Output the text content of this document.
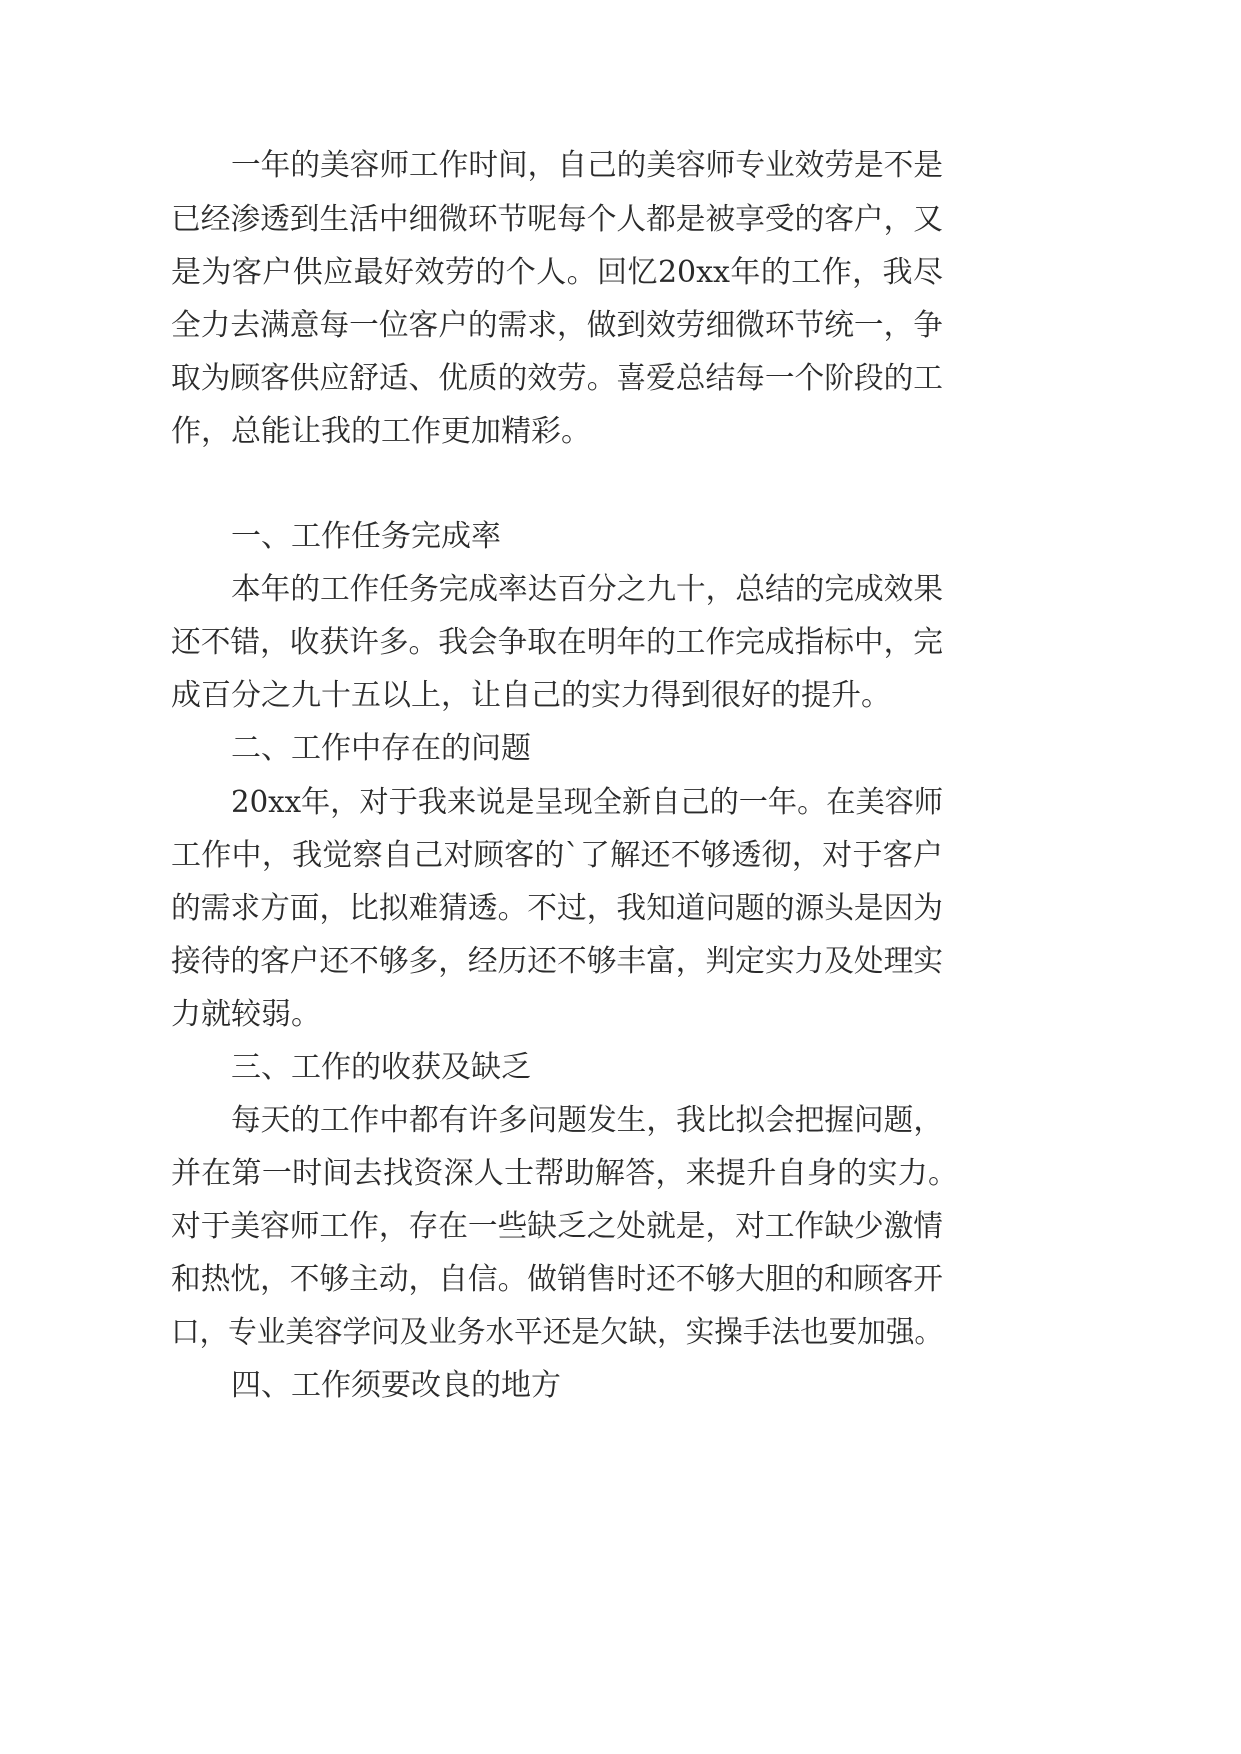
一年的美容师工作时间，自己的美容师专业效劳是不是
已经渗透到生活中细微环节呢每个人都是被享受的客户，又
是为客户供应最好效劳的个人。回忆20xx年的工作，我尽
全力去满意每一位客户的需求，做到效劳细微环节统一，争
取为顾客供应舒适、优质的效劳。喜爱总结每一个阶段的工
作，总能让我的工作更加精彩。
一、工作任务完成率
本年的工作任务完成率达百分之九十，总结的完成效果
还不错，收获许多。我会争取在明年的工作完成指标中，完
成百分之九十五以上，让自己的实力得到很好的提升。
二、工作中存在的问题
20xx年，对于我来说是呈现全新自己的一年。在美容师
工作中，我觉察自己对顾客的`了解还不够透彻，对于客户
的需求方面，比拟难猜透。不过，我知道问题的源头是因为
接待的客户还不够多，经历还不够丰富，判定实力及处理实
力就较弱。
三、工作的收获及缺乏
每天的工作中都有许多问题发生，我比拟会把握问题，
并在第一时间去找资深人士帮助解答，来提升自身的实力。
对于美容师工作，存在一些缺乏之处就是，对工作缺少激情
和热忱，不够主动，自信。做销售时还不够大胆的和顾客开
口，专业美容学问及业务水平还是欠缺，实操手法也要加强。
四、工作须要改良的地方
